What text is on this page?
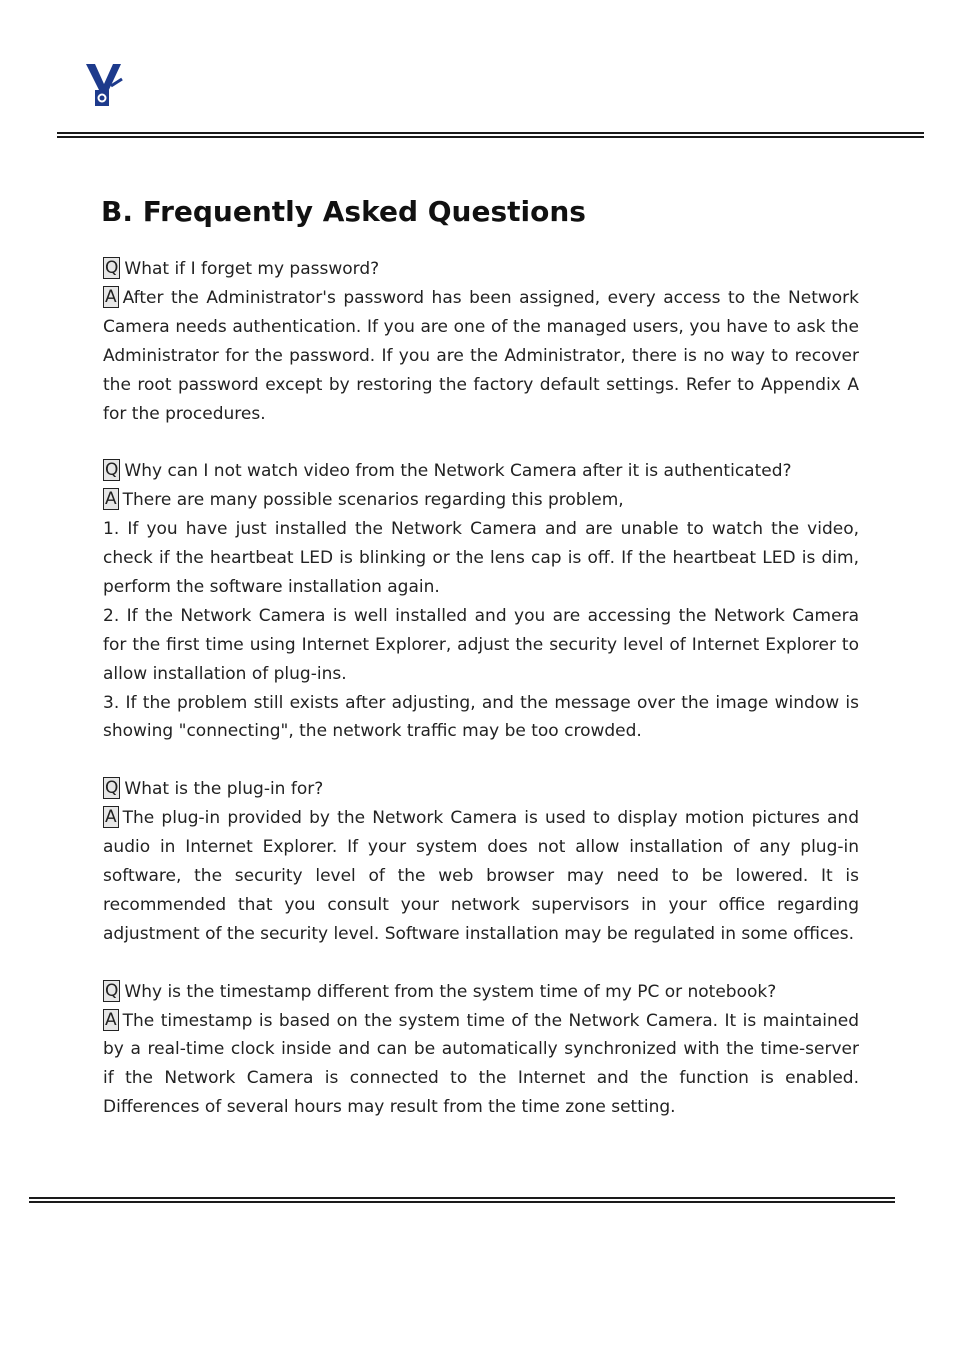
B. Frequently Asked Questions

Q What if I forget my password?

A After the Administrator's password has been assigned, every access to the Network Camera needs authentication. If you are one of the managed users, you have to ask the Administrator for the password. If you are the Administrator, there is no way to recover the root password except by restoring the factory default settings. Refer to Appendix A for the procedures.

Q Why can I not watch video from the Network Camera after it is authenticated?

A There are many possible scenarios regarding this problem,

1. If you have just installed the Network Camera and are unable to watch the video, check if the heartbeat LED is blinking or the lens cap is off. If the heartbeat LED is dim, perform the software installation again.

2. If the Network Camera is well installed and you are accessing the Network Camera for the first time using Internet Explorer, adjust the security level of Internet Explorer to allow installation of plug-ins.

3. If the problem still exists after adjusting, and the message over the image window is showing "connecting", the network traffic may be too crowded.

Q What is the plug-in for?

A The plug-in provided by the Network Camera is used to display motion pictures and audio in Internet Explorer. If your system does not allow installation of any plug-in software, the security level of the web browser may need to be lowered. It is recommended that you consult your network supervisors in your office regarding adjustment of the security level. Software installation may be regulated in some offices.

Q Why is the timestamp different from the system time of my PC or notebook?

A The timestamp is based on the system time of the Network Camera. It is maintained by a real-time clock inside and can be automatically synchronized with the time-server if the Network Camera is connected to the Internet and the function is enabled. Differences of several hours may result from the time zone setting.
